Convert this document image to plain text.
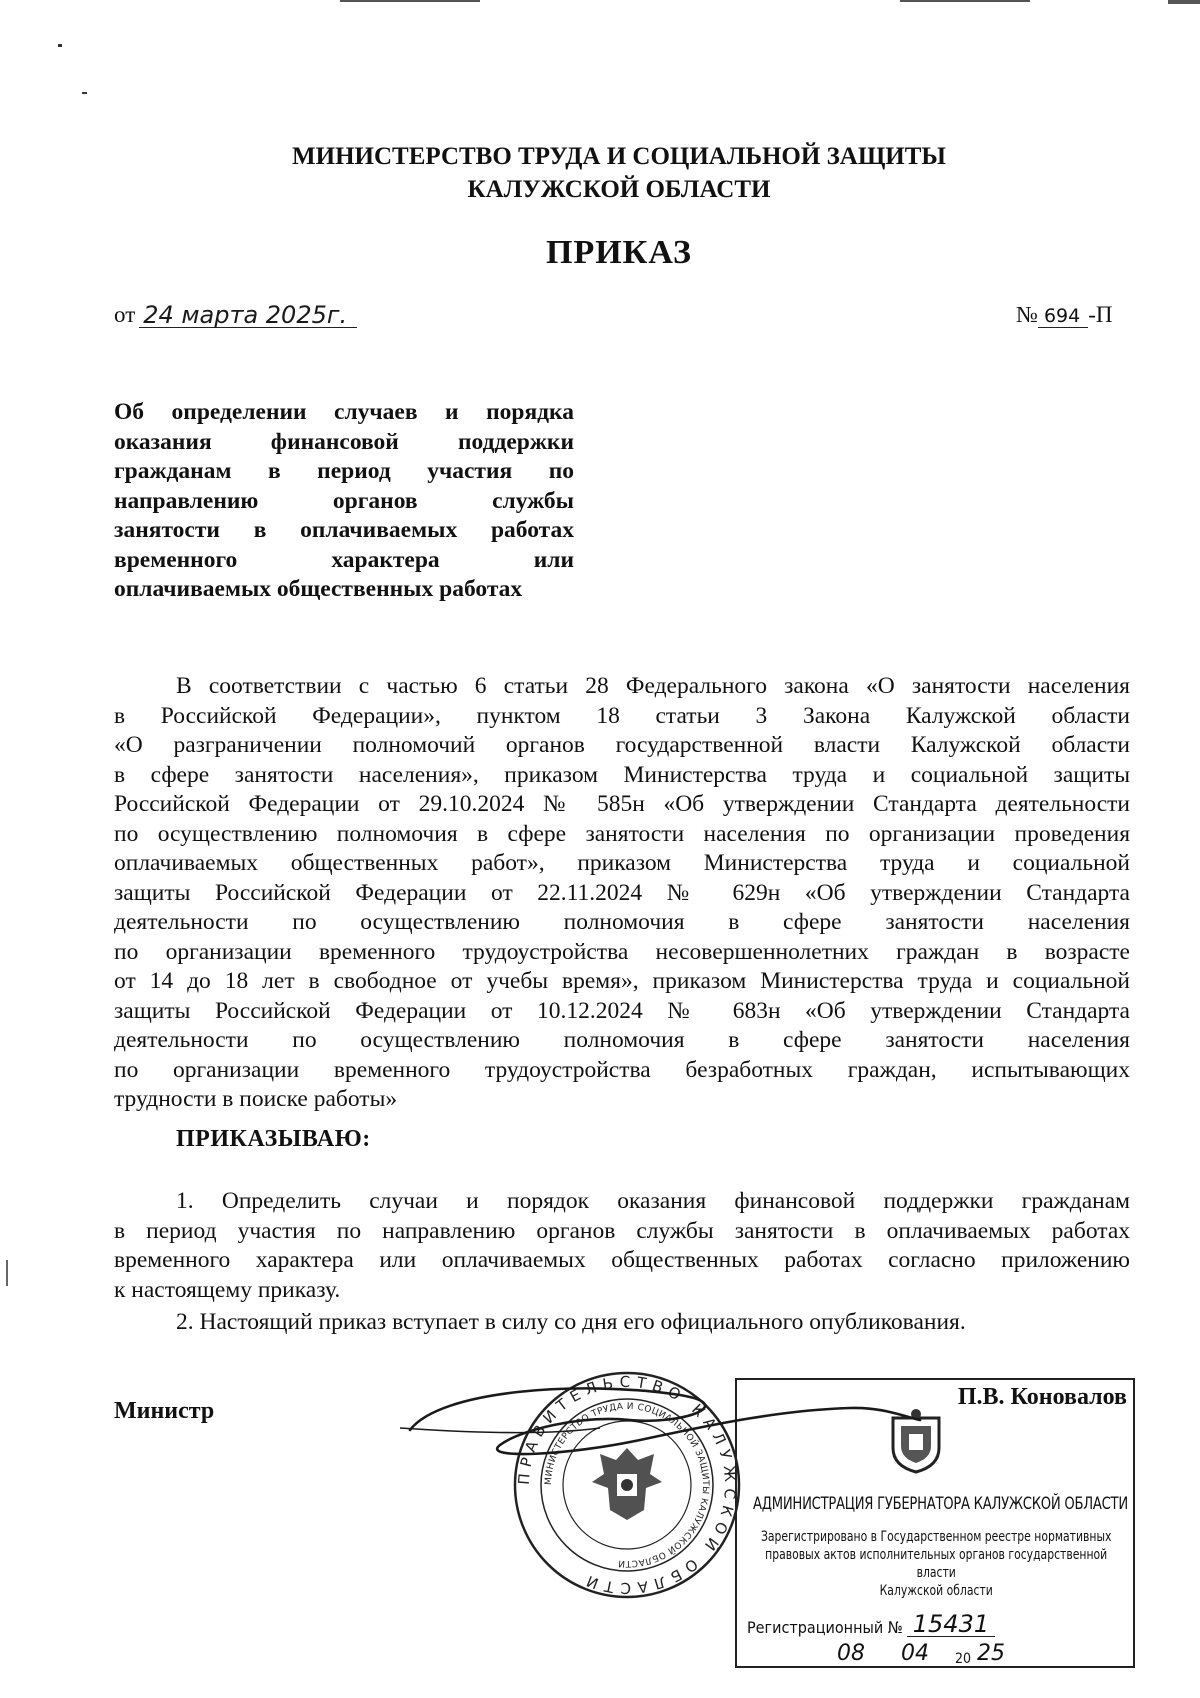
МИНИСТЕРСТВО ТРУДА И СОЦИАЛЬНОЙ ЗАЩИТЫ
КАЛУЖСКОЙ ОБЛАСТИ
ПРИКАЗ
от 24 марта 2025г.	№ 694 -П
Об определении случаев и порядка
оказания финансовой поддержки
гражданам в период участия по
направлению органов службы
занятости в оплачиваемых работах
временного характера или
оплачиваемых общественных работах
В соответствии с частью 6 статьи 28 Федерального закона «О занятости населения
в Российской Федерации», пунктом 18 статьи 3 Закона Калужской области
«О разграничении полномочий органов государственной власти Калужской области
в сфере занятости населения», приказом Министерства труда и социальной защиты
Российской Федерации от 29.10.2024 № 585н «Об утверждении Стандарта деятельности
по осуществлению полномочия в сфере занятости населения по организации проведения
оплачиваемых общественных работ», приказом Министерства труда и социальной
защиты Российской Федерации от 22.11.2024 № 629н «Об утверждении Стандарта
деятельности по осуществлению полномочия в сфере занятости населения
по организации временного трудоустройства несовершеннолетних граждан в возрасте
от 14 до 18 лет в свободное от учебы время», приказом Министерства труда и социальной
защиты Российской Федерации от 10.12.2024 № 683н «Об утверждении Стандарта
деятельности по осуществлению полномочия в сфере занятости населения
по организации временного трудоустройства безработных граждан, испытывающих
трудности в поиске работы»
ПРИКАЗЫВАЮ:
1. Определить случаи и порядок оказания финансовой поддержки гражданам
в период участия по направлению органов службы занятости в оплачиваемых работах
временного характера или оплачиваемых общественных работах согласно приложению
к настоящему приказу.
2. Настоящий приказ вступает в силу со дня его официального опубликования.
Министр
АДМИНИСТРАЦИЯ ГУБЕРНАТОРА КАЛУЖСКОЙ ОБЛАСТИ
Зарегистрировано в Государственном реестре нормативных
правовых актов исполнительных органов государственной власти
Калужской области
Регистрационный № 15431
08 04	20 25
П.В. Коновалов
ПРАВИТЕЛЬСТВО КАЛУЖСКОЙ ОБЛАСТИ
МИНИСТЕРСТВО ТРУДА И СОЦИАЛЬНОЙ ЗАЩИТЫ КАЛУЖСКОЙ ОБЛАСТИ
